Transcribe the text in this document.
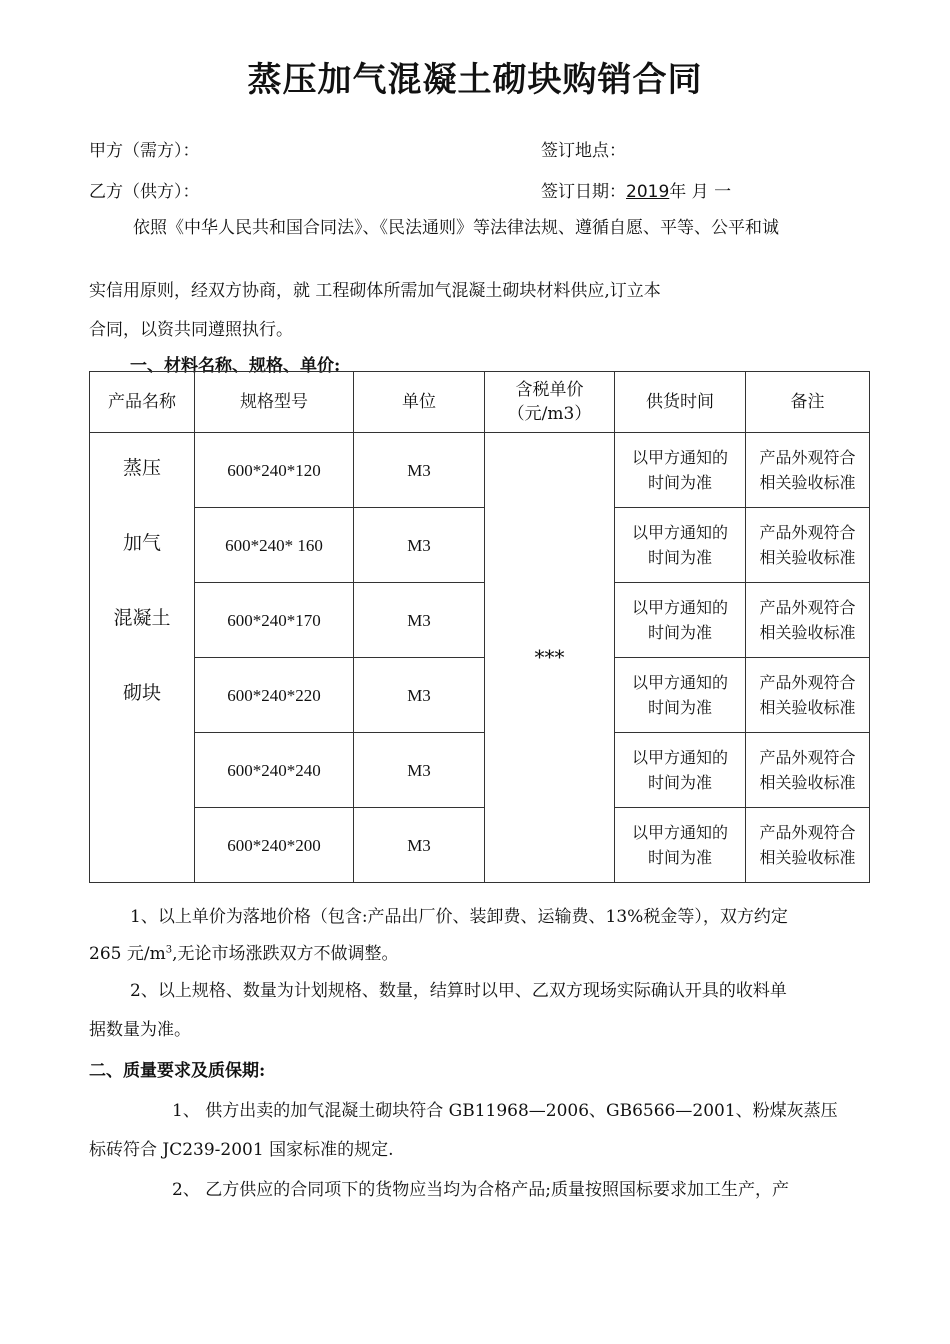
蒸压加气混凝土砌块购销合同
甲方（需方）：	签订地点：
乙方（供方）：	签订日期：2019年 月 一
依照《中华人民共和国合同法》、《民法通则》等法律法规、遵循自愿、平等、公平和诚
实信用原则，经双方协商，就 工程砌体所需加气混凝土砌块材料供应,订立本
合同，以资共同遵照执行。
一、材料名称、规格、单价:
产品名称	规格型号	单位	含税单价（元/m3）	供货时间	备注

蒸压
加气
混凝土
砌块	600*240*120	M3	***	以甲方通知的时间为准	产品外观符合相关验收标准
	600*240* 160	M3		以甲方通知的时间为准	产品外观符合相关验收标准
	600*240*170	M3		以甲方通知的时间为准	产品外观符合相关验收标准
	600*240*220	M3		以甲方通知的时间为准	产品外观符合相关验收标准
	600*240*240	M3		以甲方通知的时间为准	产品外观符合相关验收标准
	600*240*200	M3		以甲方通知的时间为准	产品外观符合相关验收标准
1、以上单价为落地价格（包含:产品出厂价、装卸费、运输费、13%税金等），双方约定
265 元$/m^3$,无论市场涨跌双方不做调整。
2、以上规格、数量为计划规格、数量，结算时以甲、乙双方现场实际确认开具的收料单
据数量为准。
二、质量要求及质保期:
1、 供方出卖的加气混凝土砌块符合 GB11968—2006、GB6566—2001、粉煤灰蒸压
标砖符合 JC239-2001 国家标准的规定.
2、 乙方供应的合同项下的货物应当均为合格产品;质量按照国标要求加工生产，产
